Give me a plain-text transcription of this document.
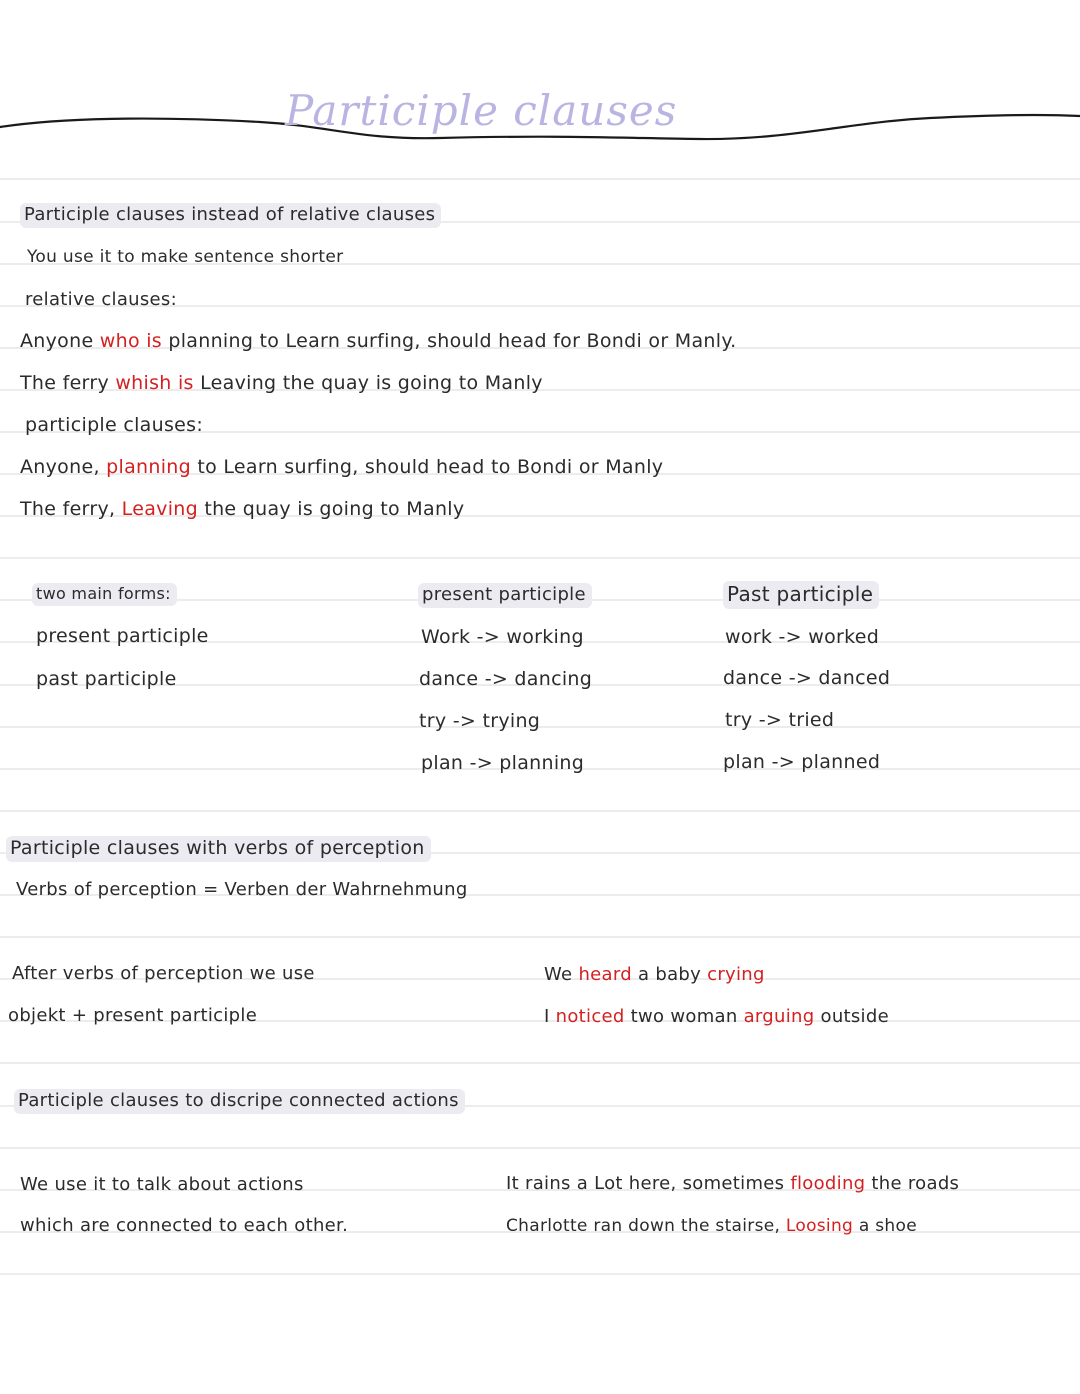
Participle clauses
Participle clauses instead of relative clauses
You use it to make sentence shorter
relative clauses:
Anyone who is planning to Learn surfing, should head for Bondi or Manly.
The ferry whish is Leaving the quay is going to Manly
participle clauses:
Anyone, planning to Learn surfing, should head to Bondi or Manly
The ferry, Leaving the quay is going to Manly
two main forms:
present participle
past participle
present participle
Work -> working
dance -> dancing
try -> trying
plan -> planning
Past participle
work -> worked
dance -> danced
try -> tried
plan -> planned
Participle clauses with verbs of perception
Verbs of perception = Verben der Wahrnehmung
After verbs of perception we use
objekt + present participle
We heard a baby crying
I noticed two woman arguing outside
Participle clauses to discripe connected actions
We use it to talk about actions
which are connected to each other.
It rains a Lot here, sometimes flooding the roads
Charlotte ran down the stairse, Loosing a shoe
